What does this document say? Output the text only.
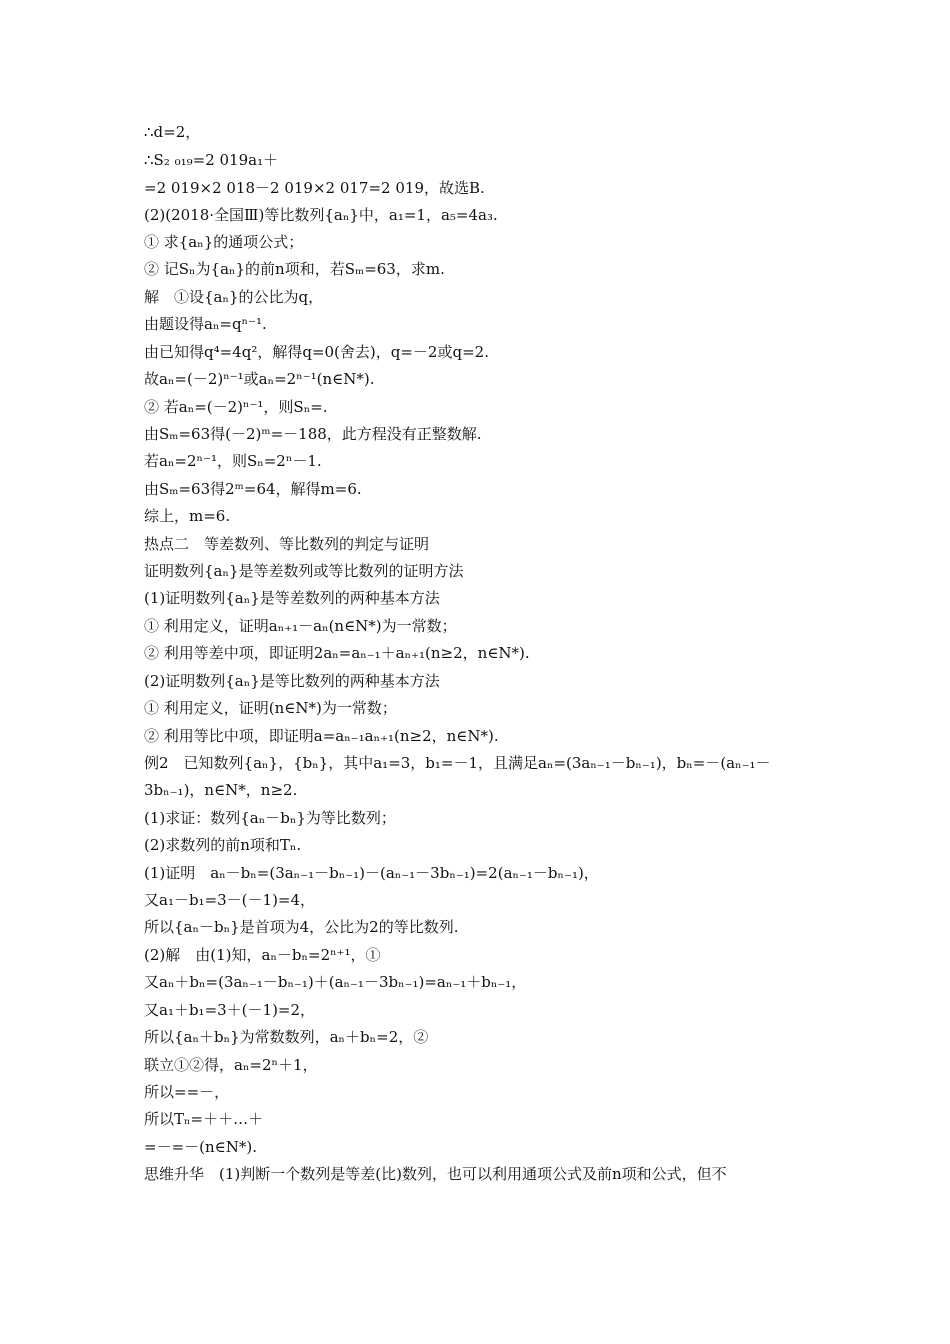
∴d=2，
∴S₂ ₀₁₉=2 019a₁＋
=2 019×2 018－2 019×2 017=2 019，故选B.
(2)(2018·全国Ⅲ)等比数列{aₙ}中，a₁=1，a₅=4a₃.
① 求{aₙ}的通项公式；
② 记Sₙ为{aₙ}的前n项和，若Sₘ=63，求m.
解　①设{aₙ}的公比为q，
由题设得aₙ=qⁿ⁻¹.
由已知得q⁴=4q²，解得q=0(舍去)，q=－2或q=2.
故aₙ=(－2)ⁿ⁻¹或aₙ=2ⁿ⁻¹(n∈N*).
② 若aₙ=(－2)ⁿ⁻¹，则Sₙ=.
由Sₘ=63得(－2)ᵐ=－188，此方程没有正整数解.
若aₙ=2ⁿ⁻¹，则Sₙ=2ⁿ－1.
由Sₘ=63得2ᵐ=64，解得m=6.
综上，m=6.
热点二　等差数列、等比数列的判定与证明
证明数列{aₙ}是等差数列或等比数列的证明方法
(1)证明数列{aₙ}是等差数列的两种基本方法
① 利用定义，证明aₙ₊₁－aₙ(n∈N*)为一常数；
② 利用等差中项，即证明2aₙ=aₙ₋₁＋aₙ₊₁(n≥2，n∈N*).
(2)证明数列{aₙ}是等比数列的两种基本方法
① 利用定义，证明(n∈N*)为一常数；
② 利用等比中项，即证明a=aₙ₋₁aₙ₊₁(n≥2，n∈N*).
例2　已知数列{aₙ}，{bₙ}，其中a₁=3，b₁=－1，且满足aₙ=(3aₙ₋₁－bₙ₋₁)，bₙ=－(aₙ₋₁－
3bₙ₋₁)，n∈N*，n≥2.
(1)求证：数列{aₙ－bₙ}为等比数列；
(2)求数列的前n项和Tₙ.
(1)证明　aₙ－bₙ=(3aₙ₋₁－bₙ₋₁)－(aₙ₋₁－3bₙ₋₁)=2(aₙ₋₁－bₙ₋₁)，
又a₁－b₁=3－(－1)=4，
所以{aₙ－bₙ}是首项为4，公比为2的等比数列.
(2)解　由(1)知，aₙ－bₙ=2ⁿ⁺¹，①
又aₙ＋bₙ=(3aₙ₋₁－bₙ₋₁)＋(aₙ₋₁－3bₙ₋₁)=aₙ₋₁＋bₙ₋₁，
又a₁＋b₁=3＋(－1)=2，
所以{aₙ＋bₙ}为常数数列，aₙ＋bₙ=2，②
联立①②得，aₙ=2ⁿ＋1，
所以==－，
所以Tₙ=＋＋…＋
=－=－(n∈N*).
思维升华　(1)判断一个数列是等差(比)数列，也可以利用通项公式及前n项和公式，但不
